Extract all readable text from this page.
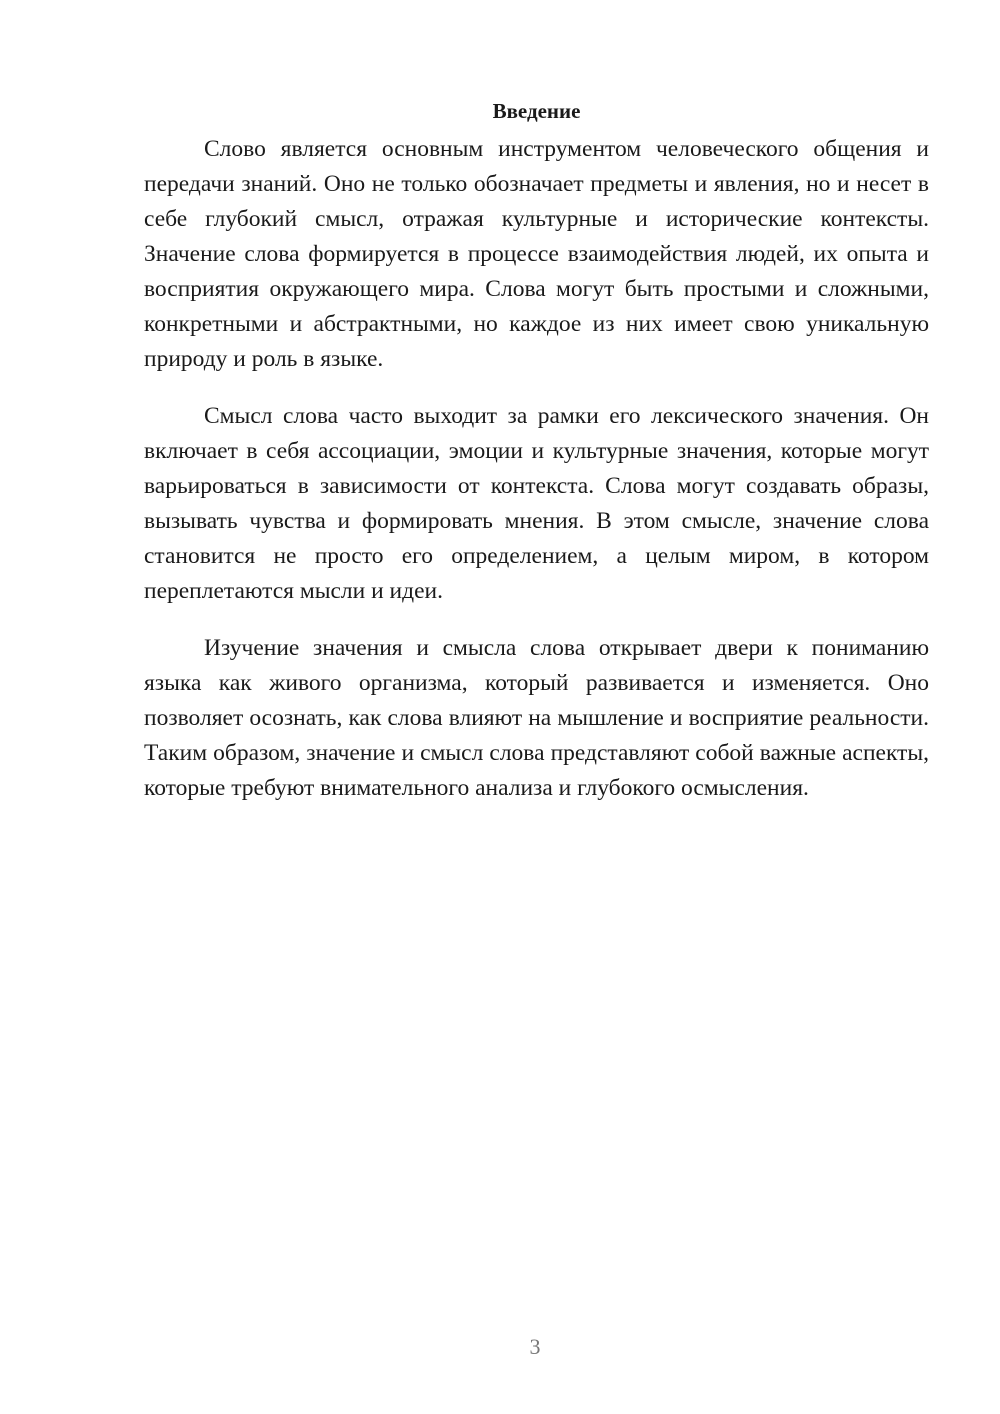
Введение

Слово является основным инструментом человеческого общения и передачи знаний. Оно не только обозначает предметы и явления, но и несет в себе глубокий смысл, отражая культурные и исторические контексты. Значение слова формируется в процессе взаимодействия людей, их опыта и восприятия окружающего мира. Слова могут быть простыми и сложными, конкретными и абстрактными, но каждое из них имеет свою уникальную природу и роль в языке.

Смысл слова часто выходит за рамки его лексического значения. Он включает в себя ассоциации, эмоции и культурные значения, которые могут варьироваться в зависимости от контекста. Слова могут создавать образы, вызывать чувства и формировать мнения. В этом смысле, значение слова становится не просто его определением, а целым миром, в котором переплетаются мысли и идеи.

Изучение значения и смысла слова открывает двери к пониманию языка как живого организма, который развивается и изменяется. Оно позволяет осознать, как слова влияют на мышление и восприятие реальности. Таким образом, значение и смысл слова представляют собой важные аспекты, которые требуют внимательного анализа и глубокого осмысления.

3
